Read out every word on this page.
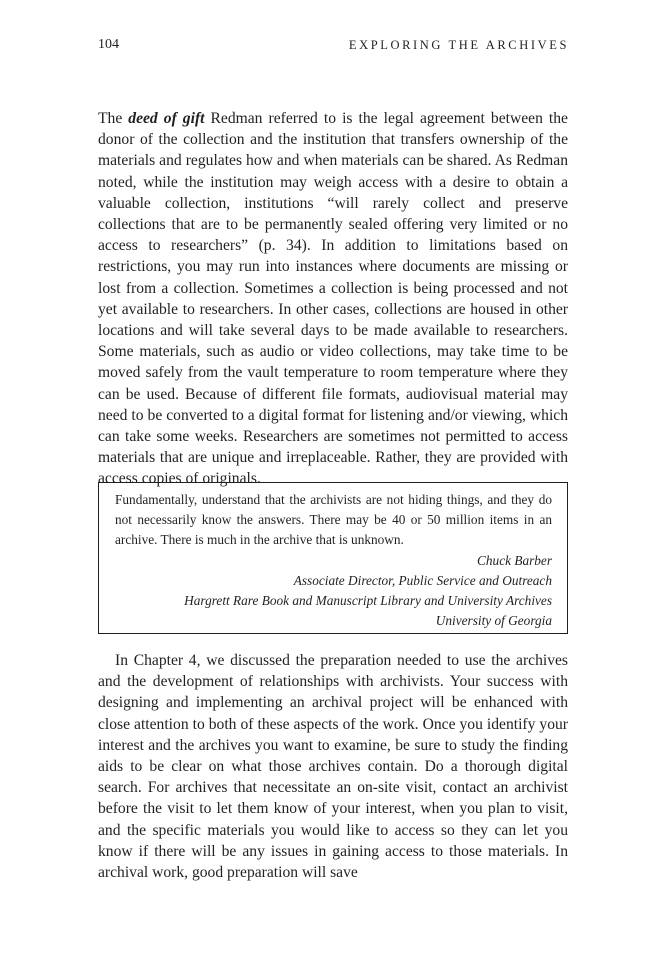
104	EXPLORING THE ARCHIVES

The deed of gift Redman referred to is the legal agreement between the donor of the collection and the institution that transfers ownership of the materials and regulates how and when materials can be shared. As Redman noted, while the institution may weigh access with a desire to obtain a valuable collection, institutions “will rarely collect and preserve collections that are to be permanently sealed offering very limited or no access to researchers” (p. 34). In addition to limitations based on restrictions, you may run into instances where documents are missing or lost from a collection. Sometimes a collection is being processed and not yet available to researchers. In other cases, collections are housed in other locations and will take several days to be made available to researchers. Some materials, such as audio or video collections, may take time to be moved safely from the vault temperature to room temperature where they can be used. Because of different file formats, audiovisual material may need to be converted to a digital format for listening and/or viewing, which can take some weeks. Researchers are sometimes not permitted to access materials that are unique and irreplaceable. Rather, they are provided with access copies of originals.

Fundamentally, understand that the archivists are not hiding things, and they do not necessarily know the answers. There may be 40 or 50 million items in an archive. There is much in the archive that is unknown.

Chuck Barber

Associate Director, Public Service and Outreach

Hargrett Rare Book and Manuscript Library and University Archives

University of Georgia

In Chapter 4, we discussed the preparation needed to use the archives and the development of relationships with archivists. Your success with designing and implementing an archival project will be enhanced with close attention to both of these aspects of the work. Once you identify your interest and the archives you want to examine, be sure to study the finding aids to be clear on what those archives contain. Do a thorough digital search. For archives that necessitate an on-site visit, contact an archivist before the visit to let them know of your interest, when you plan to visit, and the specific materials you would like to access so they can let you know if there will be any issues in gaining access to those materials. In archival work, good preparation will save
